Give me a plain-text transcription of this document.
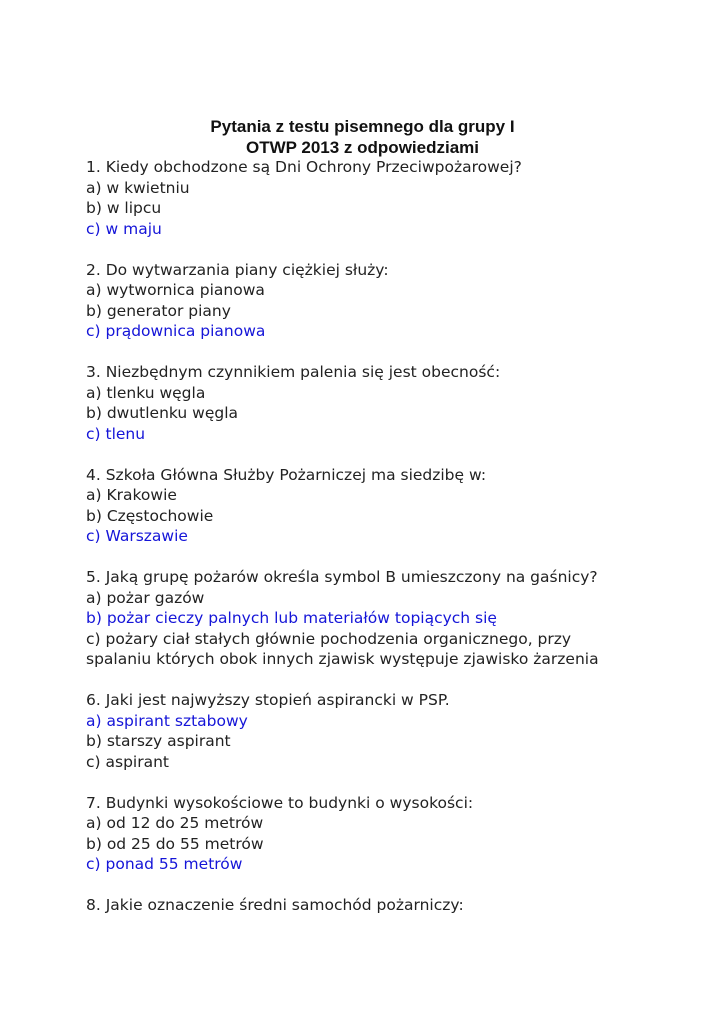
Pytania z testu pisemnego dla grupy I
OTWP 2013 z odpowiedziami
1. Kiedy obchodzone są Dni Ochrony Przeciwpożarowej?
a) w kwietniu
b) w lipcu
c) w maju
2. Do wytwarzania piany ciężkiej służy:
a) wytwornica pianowa
b) generator piany
c) prądownica pianowa
3. Niezbędnym czynnikiem palenia się jest obecność:
a) tlenku węgla
b) dwutlenku węgla
c) tlenu
4. Szkoła Główna Służby Pożarniczej ma siedzibę w:
a) Krakowie
b) Częstochowie
c) Warszawie
5. Jaką grupę pożarów określa symbol B umieszczony na gaśnicy?
a) pożar gazów
b) pożar cieczy palnych lub materiałów topiących się
c) pożary ciał stałych głównie pochodzenia organicznego, przy
spalaniu których obok innych zjawisk występuje zjawisko żarzenia
6. Jaki jest najwyższy stopień aspirancki w PSP.
a) aspirant sztabowy
b) starszy aspirant
c) aspirant
7. Budynki wysokościowe to budynki o wysokości:
a) od 12 do 25 metrów
b) od 25 do 55 metrów
c) ponad 55 metrów
8. Jakie oznaczenie średni samochód pożarniczy:
